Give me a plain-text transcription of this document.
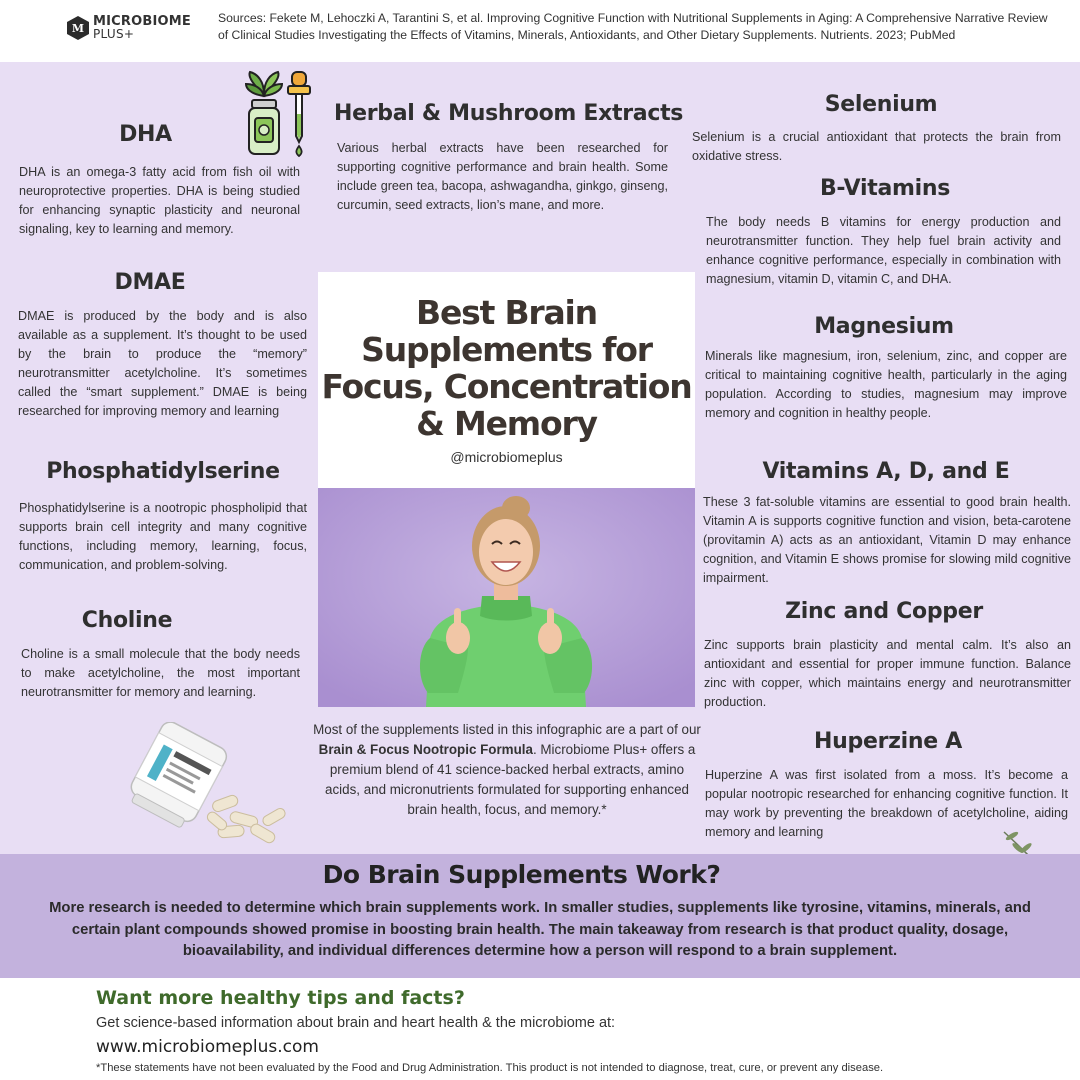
M MICROBIOME
PLUS+
Sources: Fekete M, Lehoczki A, Tarantini S, et al. Improving Cognitive Function with Nutritional Supplements in Aging: A Comprehensive Narrative Review of Clinical Studies Investigating the Effects of Vitamins, Minerals, Antioxidants, and Other Dietary Supplements. Nutrients. 2023; PubMed
DHA
DHA is an omega-3 fatty acid from fish oil with neuroprotective properties. DHA is being studied for enhancing synaptic plasticity and neuronal signaling, key to learning and memory.
DMAE
DMAE is produced by the body and is also available as a supplement. It’s thought to be used by the brain to produce the “memory” neurotransmitter acetylcholine. It’s sometimes called the “smart supplement.” DMAE is being researched for improving memory and learning
Phosphatidylserine
Phosphatidylserine is a nootropic phospholipid that supports brain cell integrity and many cognitive functions, including memory, learning, focus, communication, and problem-solving.
Choline
Choline is a small molecule that the body needs to make acetylcholine, the most important neurotransmitter for memory and learning.
Herbal & Mushroom Extracts
Various herbal extracts have been researched for supporting cognitive performance and brain health. Some include green tea, bacopa, ashwagandha, ginkgo, ginseng, curcumin, seed extracts, lion’s mane, and more.
Best Brain
Supplements for
Focus, Concentration
& Memory
@microbiomeplus
Most of the supplements listed in this infographic are a part of our Brain & Focus Nootropic Formula. Microbiome Plus+ offers a premium blend of 41 science-backed herbal extracts, amino acids, and micronutrients formulated for supporting enhanced brain health, focus, and memory.*
Selenium
Selenium is a crucial antioxidant that protects the brain from oxidative stress.
B-Vitamins
The body needs B vitamins for energy production and neurotransmitter function. They help fuel brain activity and enhance cognitive performance, especially in combination with magnesium, vitamin D, vitamin C, and DHA.
Magnesium
Minerals like magnesium, iron, selenium, zinc, and copper are critical to maintaining cognitive health, particularly in the aging population. According to studies, magnesium may improve memory and cognition in healthy people.
Vitamins A, D, and E
These 3 fat-soluble vitamins are essential to good brain health. Vitamin A is supports cognitive function and vision, beta-carotene (provitamin A) acts as an antioxidant, Vitamin D may enhance cognition, and Vitamin E shows promise for slowing mild cognitive impairment.
Zinc and Copper
Zinc supports brain plasticity and mental calm. It’s also an antioxidant and essential for proper immune function. Balance zinc with copper, which maintains energy and neurotransmitter production.
Huperzine A
Huperzine A was first isolated from a moss. It’s become a popular nootropic researched for enhancing cognitive function. It may work by preventing the breakdown of acetylcholine, aiding memory and learning
Do Brain Supplements Work?
More research is needed to determine which brain supplements work. In smaller studies, supplements like tyrosine, vitamins, minerals, and certain plant compounds showed promise in boosting brain health. The main takeaway from research is that product quality, dosage, bioavailability, and individual differences determine how a person will respond to a brain supplement.
Want more healthy tips and facts?
Get science-based information about brain and heart health & the microbiome at:
www.microbiomeplus.com
*These statements have not been evaluated by the Food and Drug Administration. This product is not intended to diagnose, treat, cure, or prevent any disease.
